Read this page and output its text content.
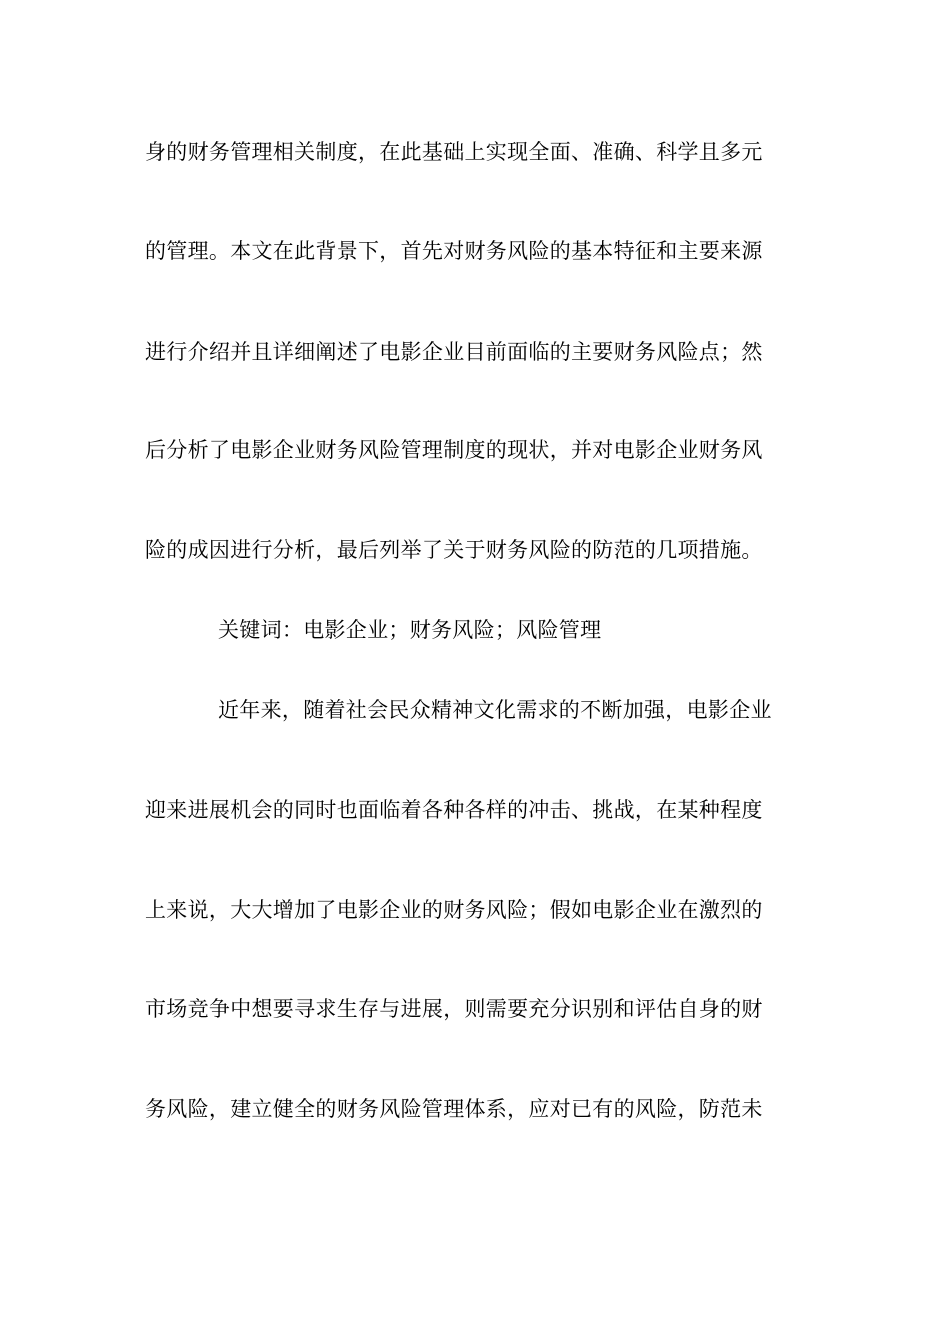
身的财务管理相关制度，在此基础上实现全面、准确、科学且多元
的管理。本文在此背景下，首先对财务风险的基本特征和主要来源
进行介绍并且详细阐述了电影企业目前面临的主要财务风险点；然
后分析了电影企业财务风险管理制度的现状，并对电影企业财务风
险的成因进行分析，最后列举了关于财务风险的防范的几项措施。
关键词：电影企业；财务风险；风险管理
近年来，随着社会民众精神文化需求的不断加强，电影企业
迎来进展机会的同时也面临着各种各样的冲击、挑战，在某种程度
上来说，大大增加了电影企业的财务风险；假如电影企业在激烈的
市场竞争中想要寻求生存与进展，则需要充分识别和评估自身的财
务风险，建立健全的财务风险管理体系，应对已有的风险，防范未
